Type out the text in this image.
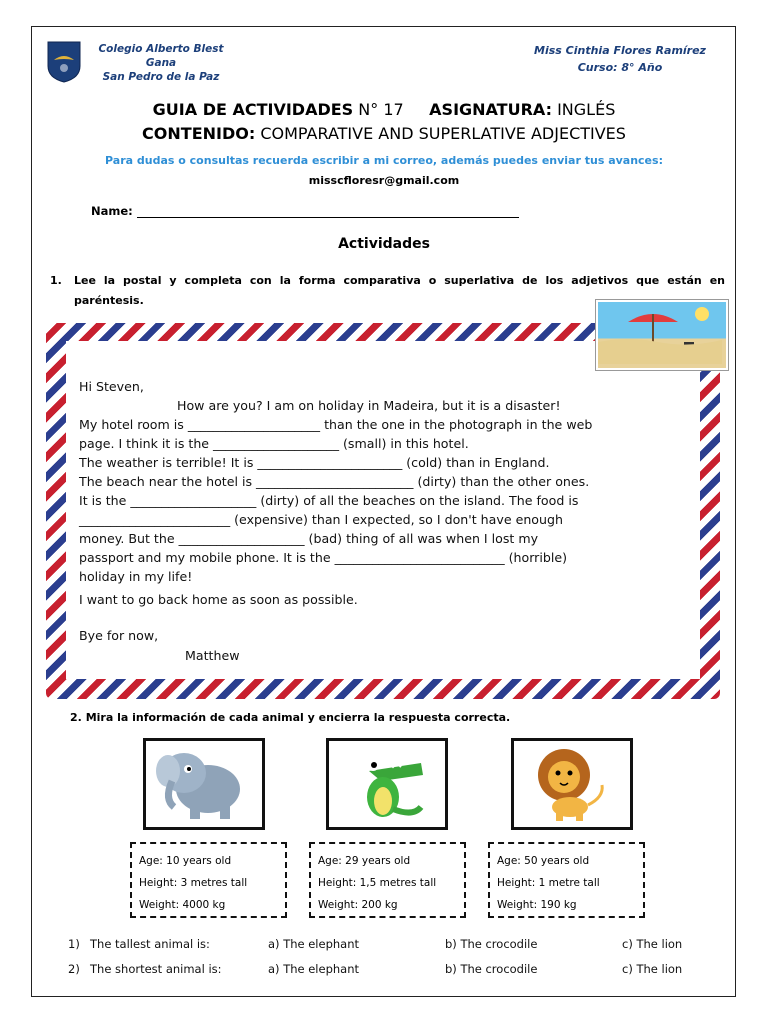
Colegio Alberto Blest Gana
San Pedro de la Paz
Miss Cinthia Flores Ramírez
Curso: 8° Año
GUIA DE ACTIVIDADES N° 17 ASIGNATURA: INGLÉS
CONTENIDO: COMPARATIVE AND SUPERLATIVE ADJECTIVES
Para dudas o consultas recuerda escribir a mi correo, además puedes enviar tus avances:
misscfloresr@gmail.com
Name:
Actividades
1. Lee la postal y completa con la forma comparativa o superlativa de los adjetivos que están en paréntesis.
Hi Steven,
How are you? I am on holiday in Madeira, but it is a disaster!
My hotel room is _____________________ than the one in the photograph in the web
page. I think it is the ____________________ (small) in this hotel.
The weather is terrible! It is _______________________ (cold) than in England.
The beach near the hotel is _________________________ (dirty) than the other ones.
It is the ____________________ (dirty) of all the beaches on the island. The food is
________________________ (expensive) than I expected, so I don't have enough
money. But the ____________________ (bad) thing of all was when I lost my
passport and my mobile phone. It is the ___________________________ (horrible)
holiday in my life!
I want to go back home as soon as possible.
Bye for now,
Matthew
2. Mira la información de cada animal y encierra la respuesta correcta.
Age: 10 years old
Height: 3 metres tall
Weight: 4000 kg
Age: 29 years old
Height: 1,5 metres tall
Weight: 200 kg
Age: 50 years old
Height: 1 metre tall
Weight: 190 kg
1) The tallest animal is:	a) The elephant	b) The crocodile	c) The lion
2) The shortest animal is:	a) The elephant	b) The crocodile	c) The lion
